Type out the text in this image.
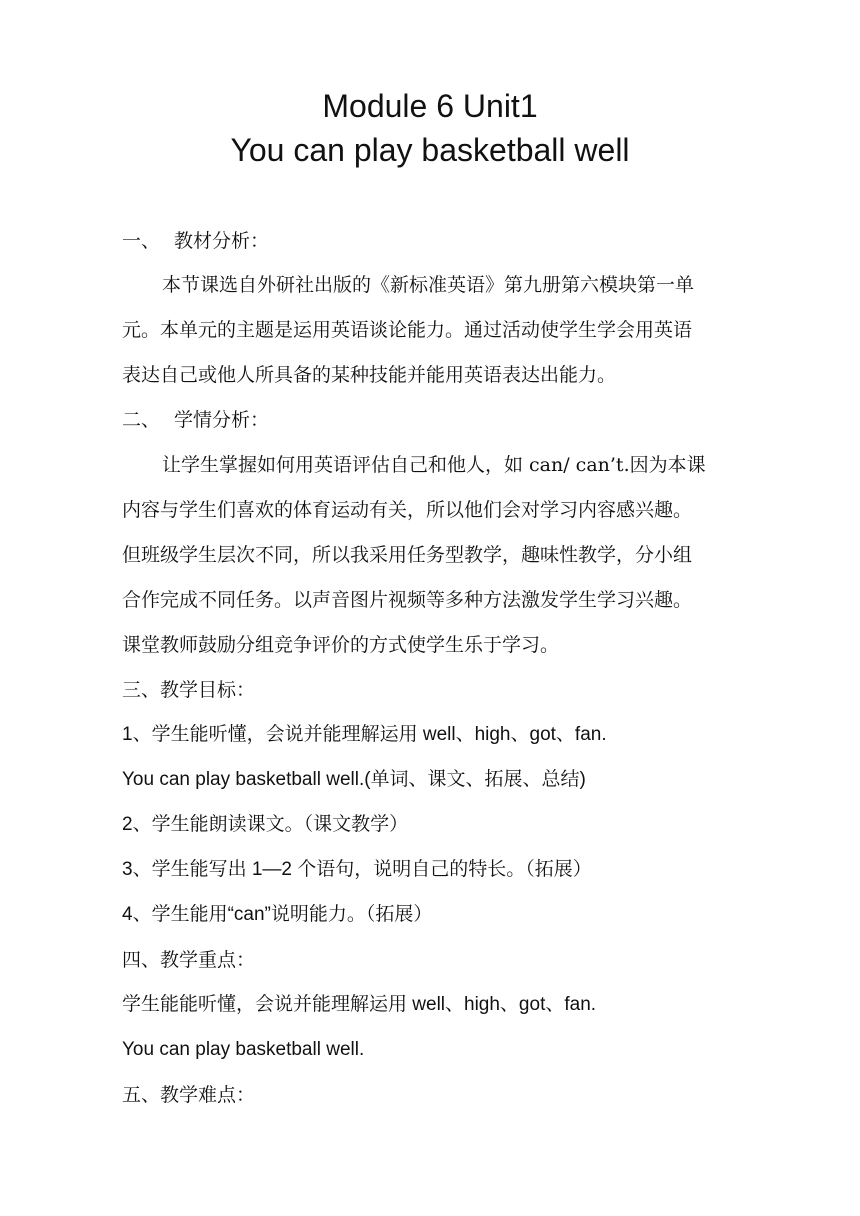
Module 6 Unit1
You can play basketball well
一、 教材分析：
本节课选自外研社出版的《新标准英语》第九册第六模块第一单
元。本单元的主题是运用英语谈论能力。通过活动使学生学会用英语
表达自己或他人所具备的某种技能并能用英语表达出能力。
二、 学情分析：
让学生掌握如何用英语评估自己和他人，如 can/ can’t.因为本课
内容与学生们喜欢的体育运动有关，所以他们会对学习内容感兴趣。
但班级学生层次不同，所以我采用任务型教学，趣味性教学，分小组
合作完成不同任务。以声音图片视频等多种方法激发学生学习兴趣。
课堂教师鼓励分组竞争评价的方式使学生乐于学习。
三、教学目标：
1、学生能听懂，会说并能理解运用 well、high、got、fan.
You can play basketball well.(单词、课文、拓展、总结)
2、学生能朗读课文。（课文教学）
3、学生能写出 1—2 个语句，说明自己的特长。（拓展）
4、学生能用“can”说明能力。（拓展）
四、教学重点：
学生能能听懂，会说并能理解运用 well、high、got、fan.
You can play basketball well.
五、教学难点：
